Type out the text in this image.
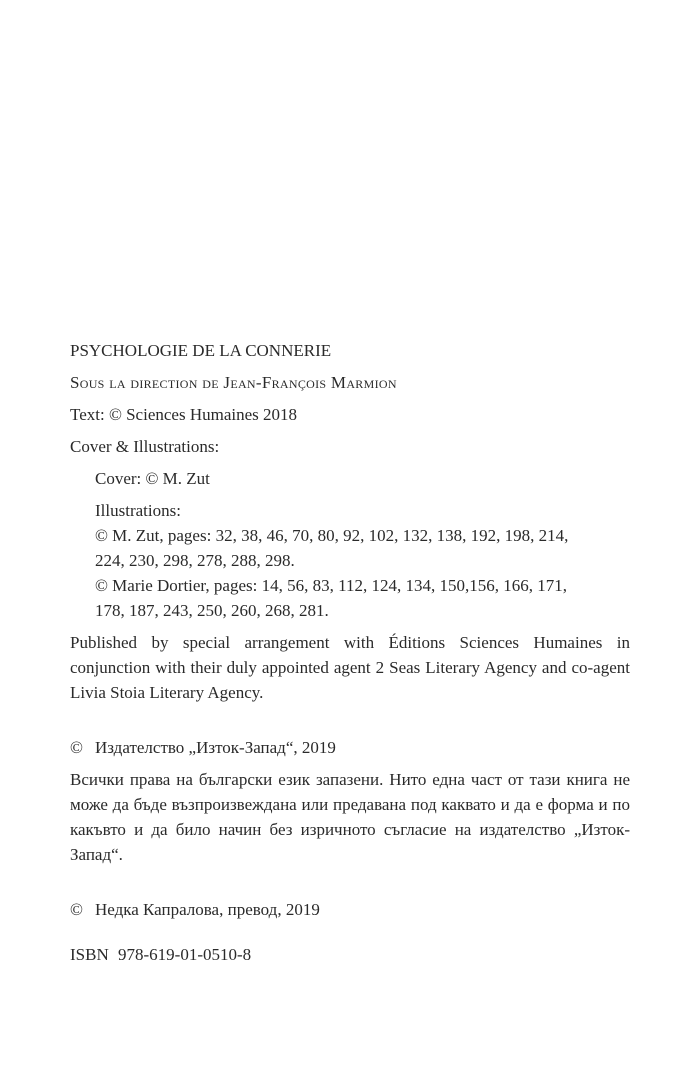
PSYCHOLOGIE DE LA CONNERIE

Sous la direction de Jean-François Marmion

Text: © Sciences Humaines 2018

Cover & Illustrations:

Cover: © M. Zut

Illustrations:

© M. Zut, pages: 32, 38, 46, 70, 80, 92, 102, 132, 138, 192, 198, 214,

224, 230, 298, 278, 288, 298.

© Marie Dortier, pages: 14, 56, 83, 112, 124, 134, 150,156, 166, 171,

178, 187, 243, 250, 260, 268, 281.

Published by special arrangement with Éditions Sciences Humaines in conjunction with their duly appointed agent 2 Seas Literary Agency and co-agent Livia Stoia Literary Agency.

© Издателство „Изток-Запад“, 2019

Всички права на български език запазени. Нито една част от тази книга не може да бъде възпроизвеждана или предавана под каквато и да е форма и по какъвто и да било начин без изричното съгласие на издателство „Изток-Запад“.

© Недка Капралова, превод, 2019

ISBN 978-619-01-0510-8
